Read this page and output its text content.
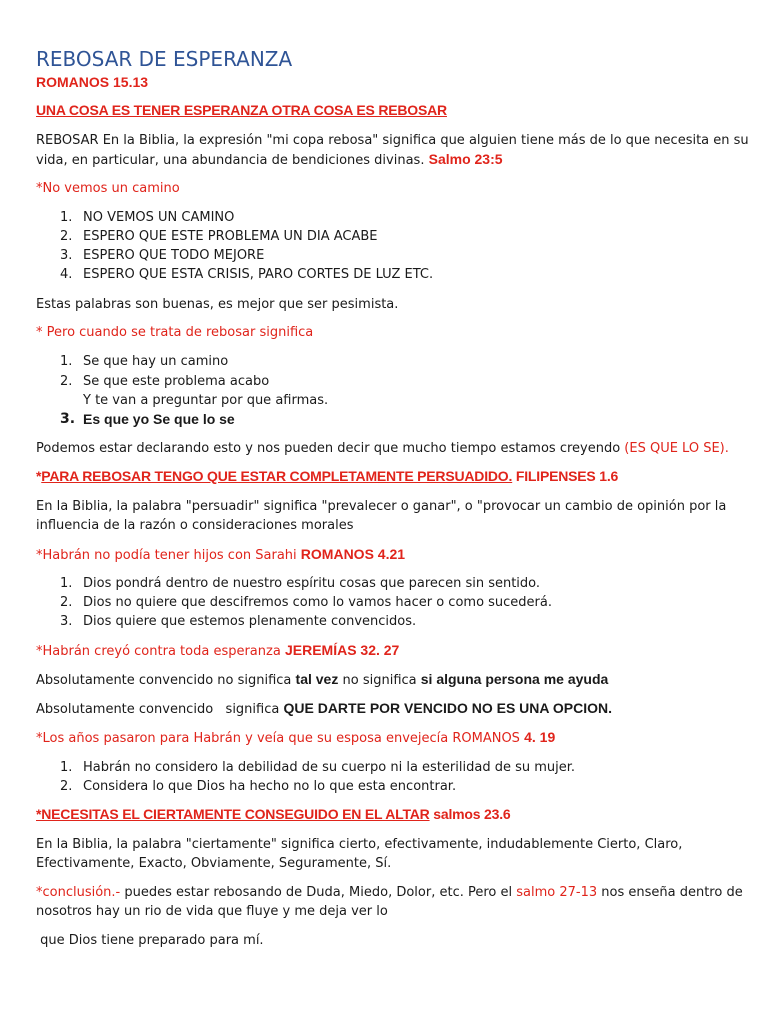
REBOSAR DE ESPERANZA
ROMANOS 15.13
UNA COSA ES TENER ESPERANZA OTRA COSA ES REBOSAR
REBOSAR En la Biblia, la expresión "mi copa rebosa" significa que alguien tiene más de lo que necesita en su
vida, en particular, una abundancia de bendiciones divinas. Salmo 23:5
*No vemos un camino
1. NO VEMOS UN CAMINO
2. ESPERO QUE ESTE PROBLEMA UN DIA ACABE
3. ESPERO QUE TODO MEJORE
4. ESPERO QUE ESTA CRISIS, PARO CORTES DE LUZ ETC.
Estas palabras son buenas, es mejor que ser pesimista.
* Pero cuando se trata de rebosar significa
1. Se que hay un camino
2. Se que este problema acabo
Y te van a preguntar por que afirmas.
3. Es que yo Se que lo se
Podemos estar declarando esto y nos pueden decir que mucho tiempo estamos creyendo (ES QUE LO SE).
*PARA REBOSAR TENGO QUE ESTAR COMPLETAMENTE PERSUADIDO. FILIPENSES 1.6
En la Biblia, la palabra "persuadir" significa "prevalecer o ganar", o "provocar un cambio de opinión por la
influencia de la razón o consideraciones morales
*Habrán no podía tener hijos con Sarahi ROMANOS 4.21
1. Dios pondrá dentro de nuestro espíritu cosas que parecen sin sentido.
2. Dios no quiere que descifremos como lo vamos hacer o como sucederá.
3. Dios quiere que estemos plenamente convencidos.
*Habrán creyó contra toda esperanza JEREMÍAS 32. 27
Absolutamente convencido no significa tal vez no significa si alguna persona me ayuda
Absolutamente convencido   significa QUE DARTE POR VENCIDO NO ES UNA OPCION.
*Los años pasaron para Habrán y veía que su esposa envejecía ROMANOS 4. 19
1. Habrán no considero la debilidad de su cuerpo ni la esterilidad de su mujer.
2. Considera lo que Dios ha hecho no lo que esta encontrar.
*NECESITAS EL CIERTAMENTE CONSEGUIDO EN EL ALTAR salmos 23.6
En la Biblia, la palabra "ciertamente" significa cierto, efectivamente, indudablemente Cierto, Claro,
Efectivamente, Exacto, Obviamente, Seguramente, Sí.
*conclusión.- puedes estar rebosando de Duda, Miedo, Dolor, etc. Pero el salmo 27-13 nos enseña dentro de
nosotros hay un rio de vida que fluye y me deja ver lo
que Dios tiene preparado para mí.
